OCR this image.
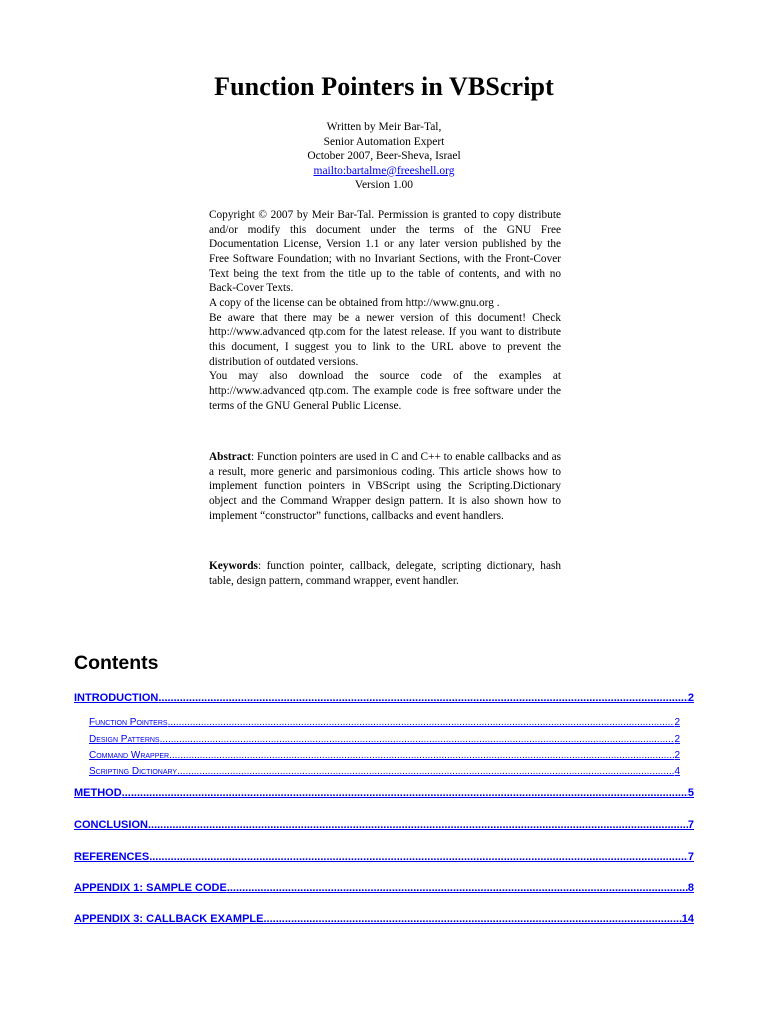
Function Pointers in VBScript
Written by Meir Bar-Tal,
Senior Automation Expert
October 2007, Beer-Sheva, Israel
mailto:bartalme@freeshell.org
Version 1.00

Copyright © 2007 by Meir Bar-Tal. Permission is granted to copy distribute and/or modify this document under the terms of the GNU Free Documentation License, Version 1.1 or any later version published by the Free Software Foundation; with no Invariant Sections, with the Front-Cover Text being the text from the title up to the table of contents, and with no Back-Cover Texts.

A copy of the license can be obtained from http://www.gnu.org .

Be aware that there may be a newer version of this document! Check http://www.advanced qtp.com for the latest release. If you want to distribute this document, I suggest you to link to the URL above to prevent the distribution of outdated versions.

You may also download the source code of the examples at http://www.advanced qtp.com. The example code is free software under the terms of the GNU General Public License.

Abstract: Function pointers are used in C and C++ to enable callbacks and as a result, more generic and parsimonious coding. This article shows how to implement function pointers in VBScript using the Scripting.Dictionary object and the Command Wrapper design pattern. It is also shown how to implement “constructor” functions, callbacks and event handlers.

Keywords: function pointer, callback, delegate, scripting dictionary, hash table, design pattern, command wrapper, event handler.

Contents
INTRODUCTION .....	2
Function Pointers .....	2
Design Patterns .....	2
Command Wrapper .....	2
Scripting Dictionary .....	4
METHOD .....	5
CONCLUSION .....	7
REFERENCES .....	7
APPENDIX 1: SAMPLE CODE .....	8
APPENDIX 3: CALLBACK EXAMPLE .....	14
